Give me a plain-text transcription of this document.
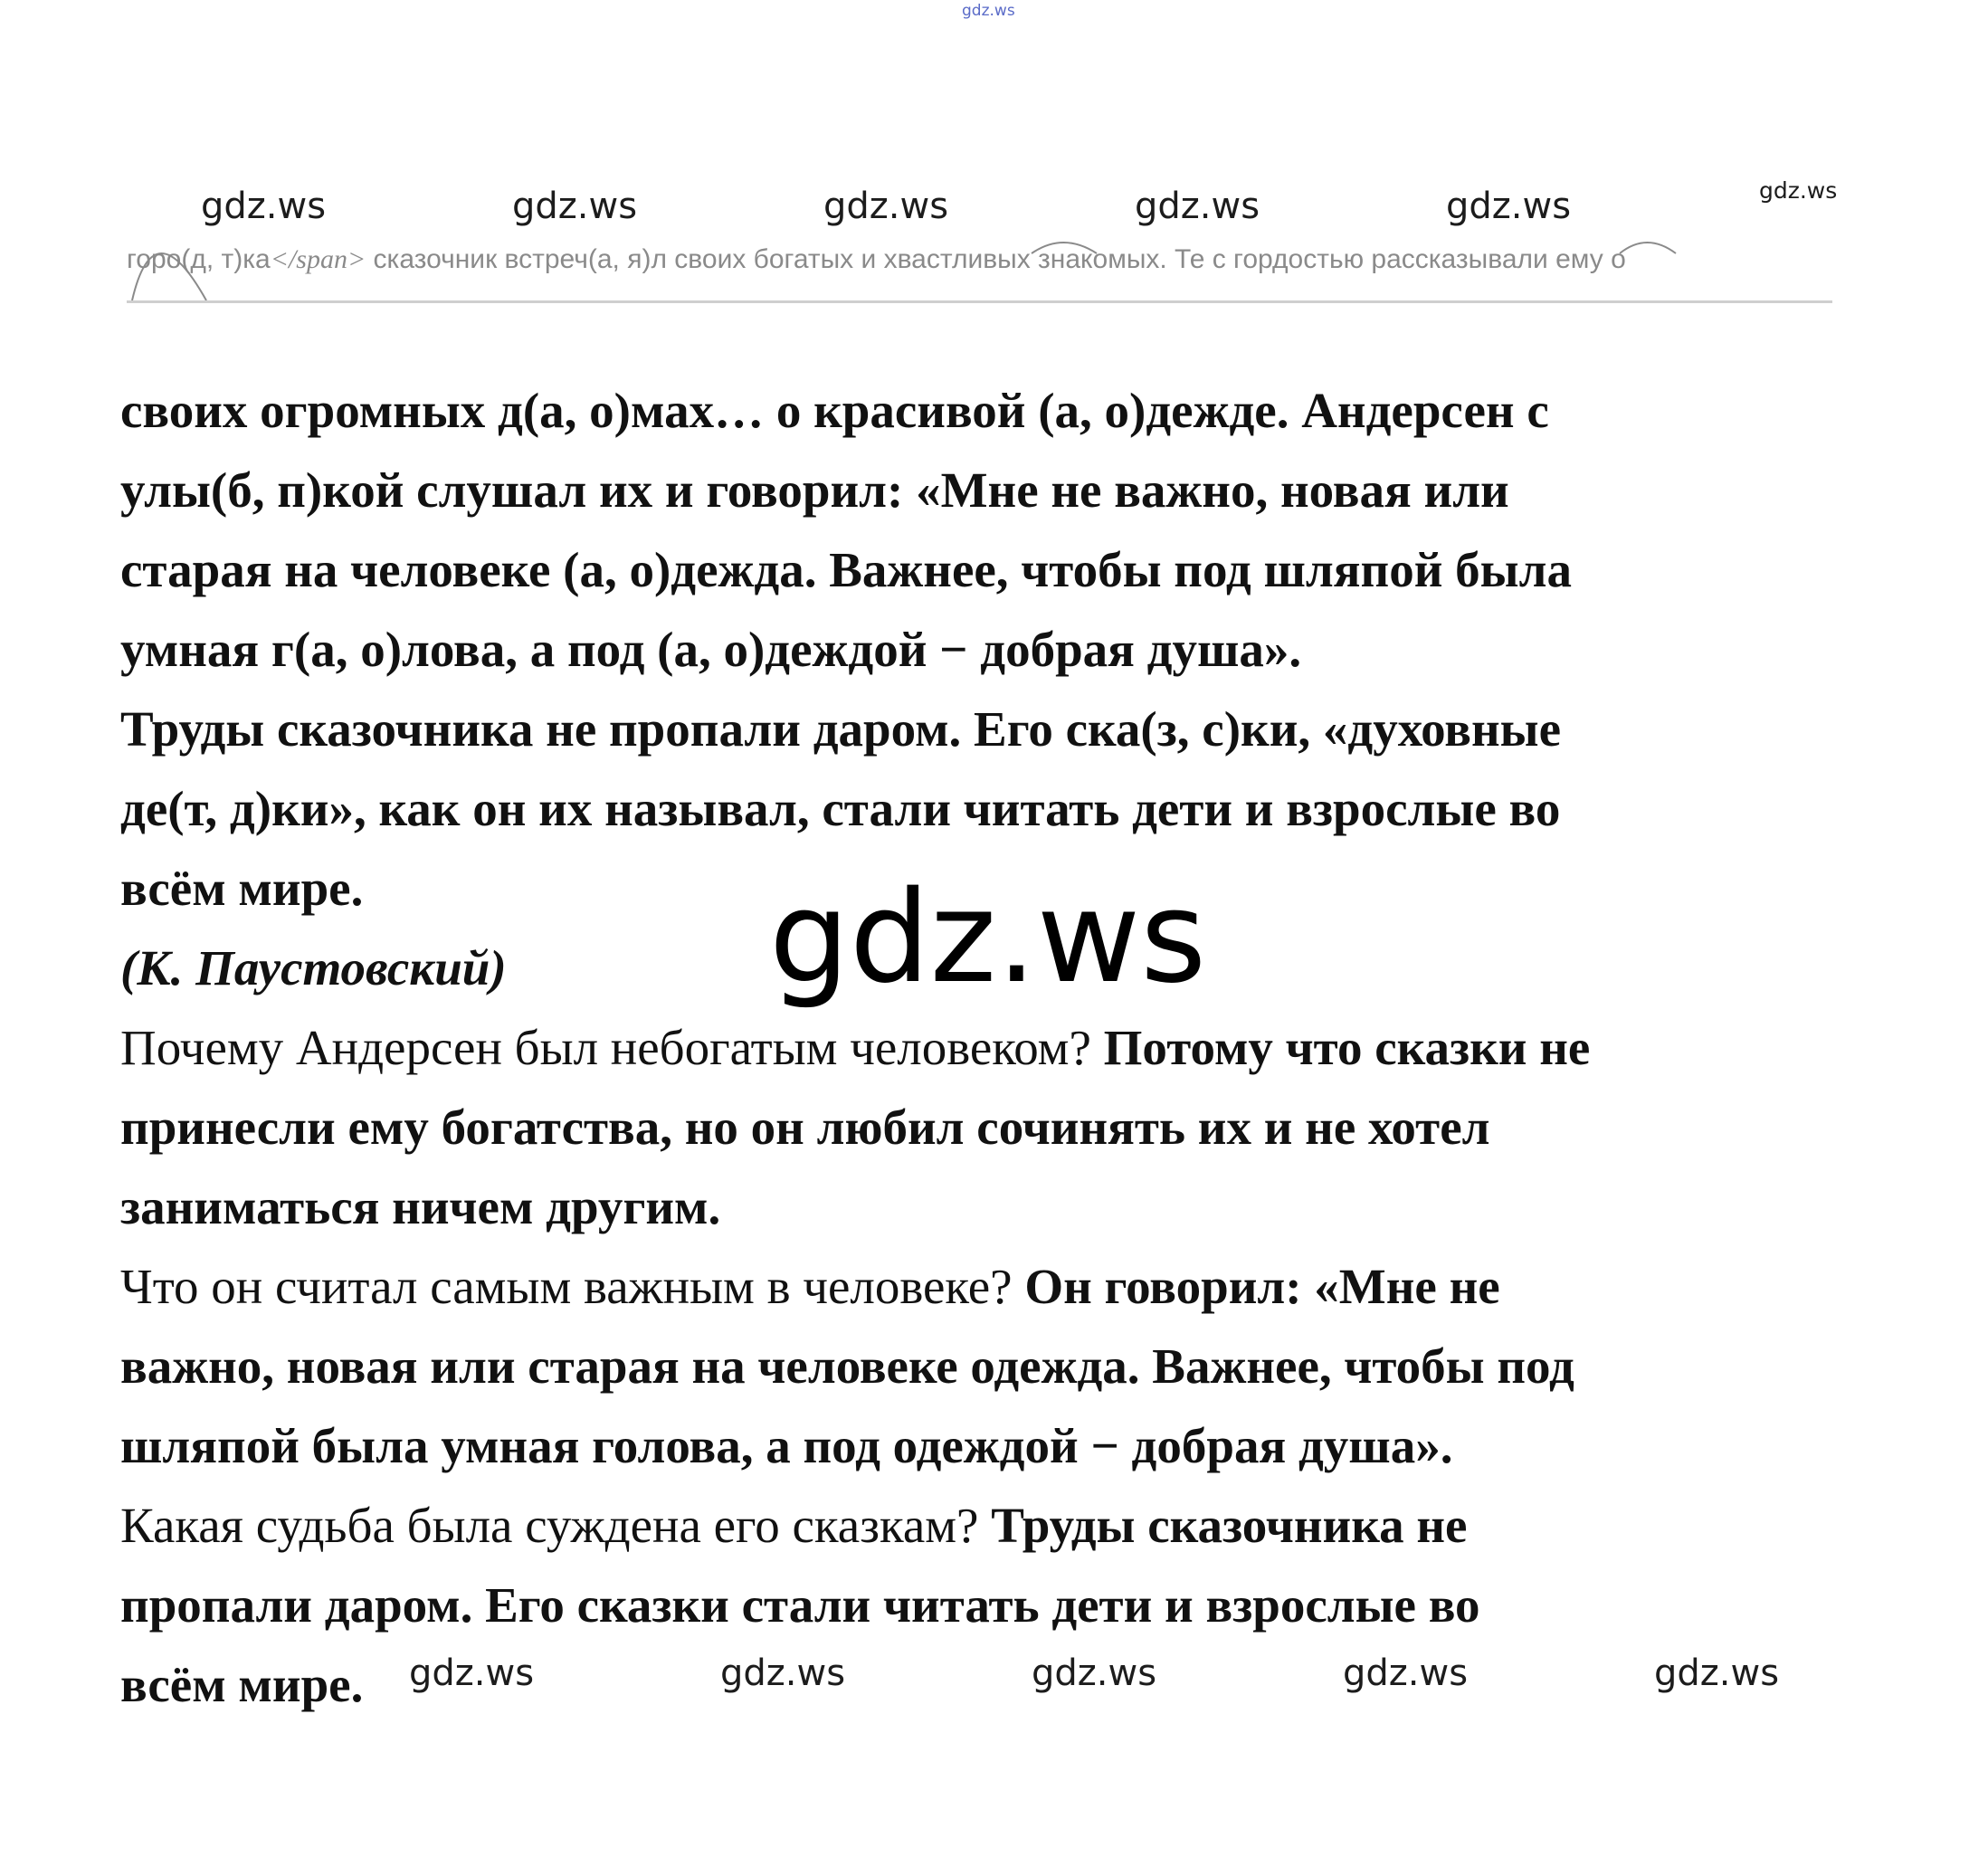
gdz.ws
gdz.ws	gdz.ws	gdz.ws	gdz.ws	gdz.ws	gdz.ws
горо(д, т)ка</span> сказочник встреч(а, я)л своих богатых и хвастливых знакомых. Те с гордостью рассказывали ему о
своих огромных д(а, о)мах… о красивой (а, о)дежде. Андерсен с
улы(б, п)кой слушал их и говорил: «Мне не важно, новая или
старая на человеке (а, о)дежда. Важнее, чтобы под шляпой была
умная г(а, о)лова, а под (а, о)деждой − добрая душа».
Труды сказочника не пропали даром. Его ска(з, с)ки, «духовные
де(т, д)ки», как он их называл, стали читать дети и взрослые во
всём мире.
(К. Паустовский)
Почему Андерсен был небогатым человеком? Потому что сказки не
принесли ему богатства, но он любил сочинять их и не хотел
заниматься ничем другим.
Что он считал самым важным в человеке? Он говорил: «Мне не
важно, новая или старая на человеке одежда. Важнее, чтобы под
шляпой была умная голова, а под одеждой − добрая душа».
Какая судьба была суждена его сказкам? Труды сказочника не
пропали даром. Его сказки стали читать дети и взрослые во
всём мире.
gdz.ws
gdz.ws	gdz.ws	gdz.ws	gdz.ws	gdz.ws
